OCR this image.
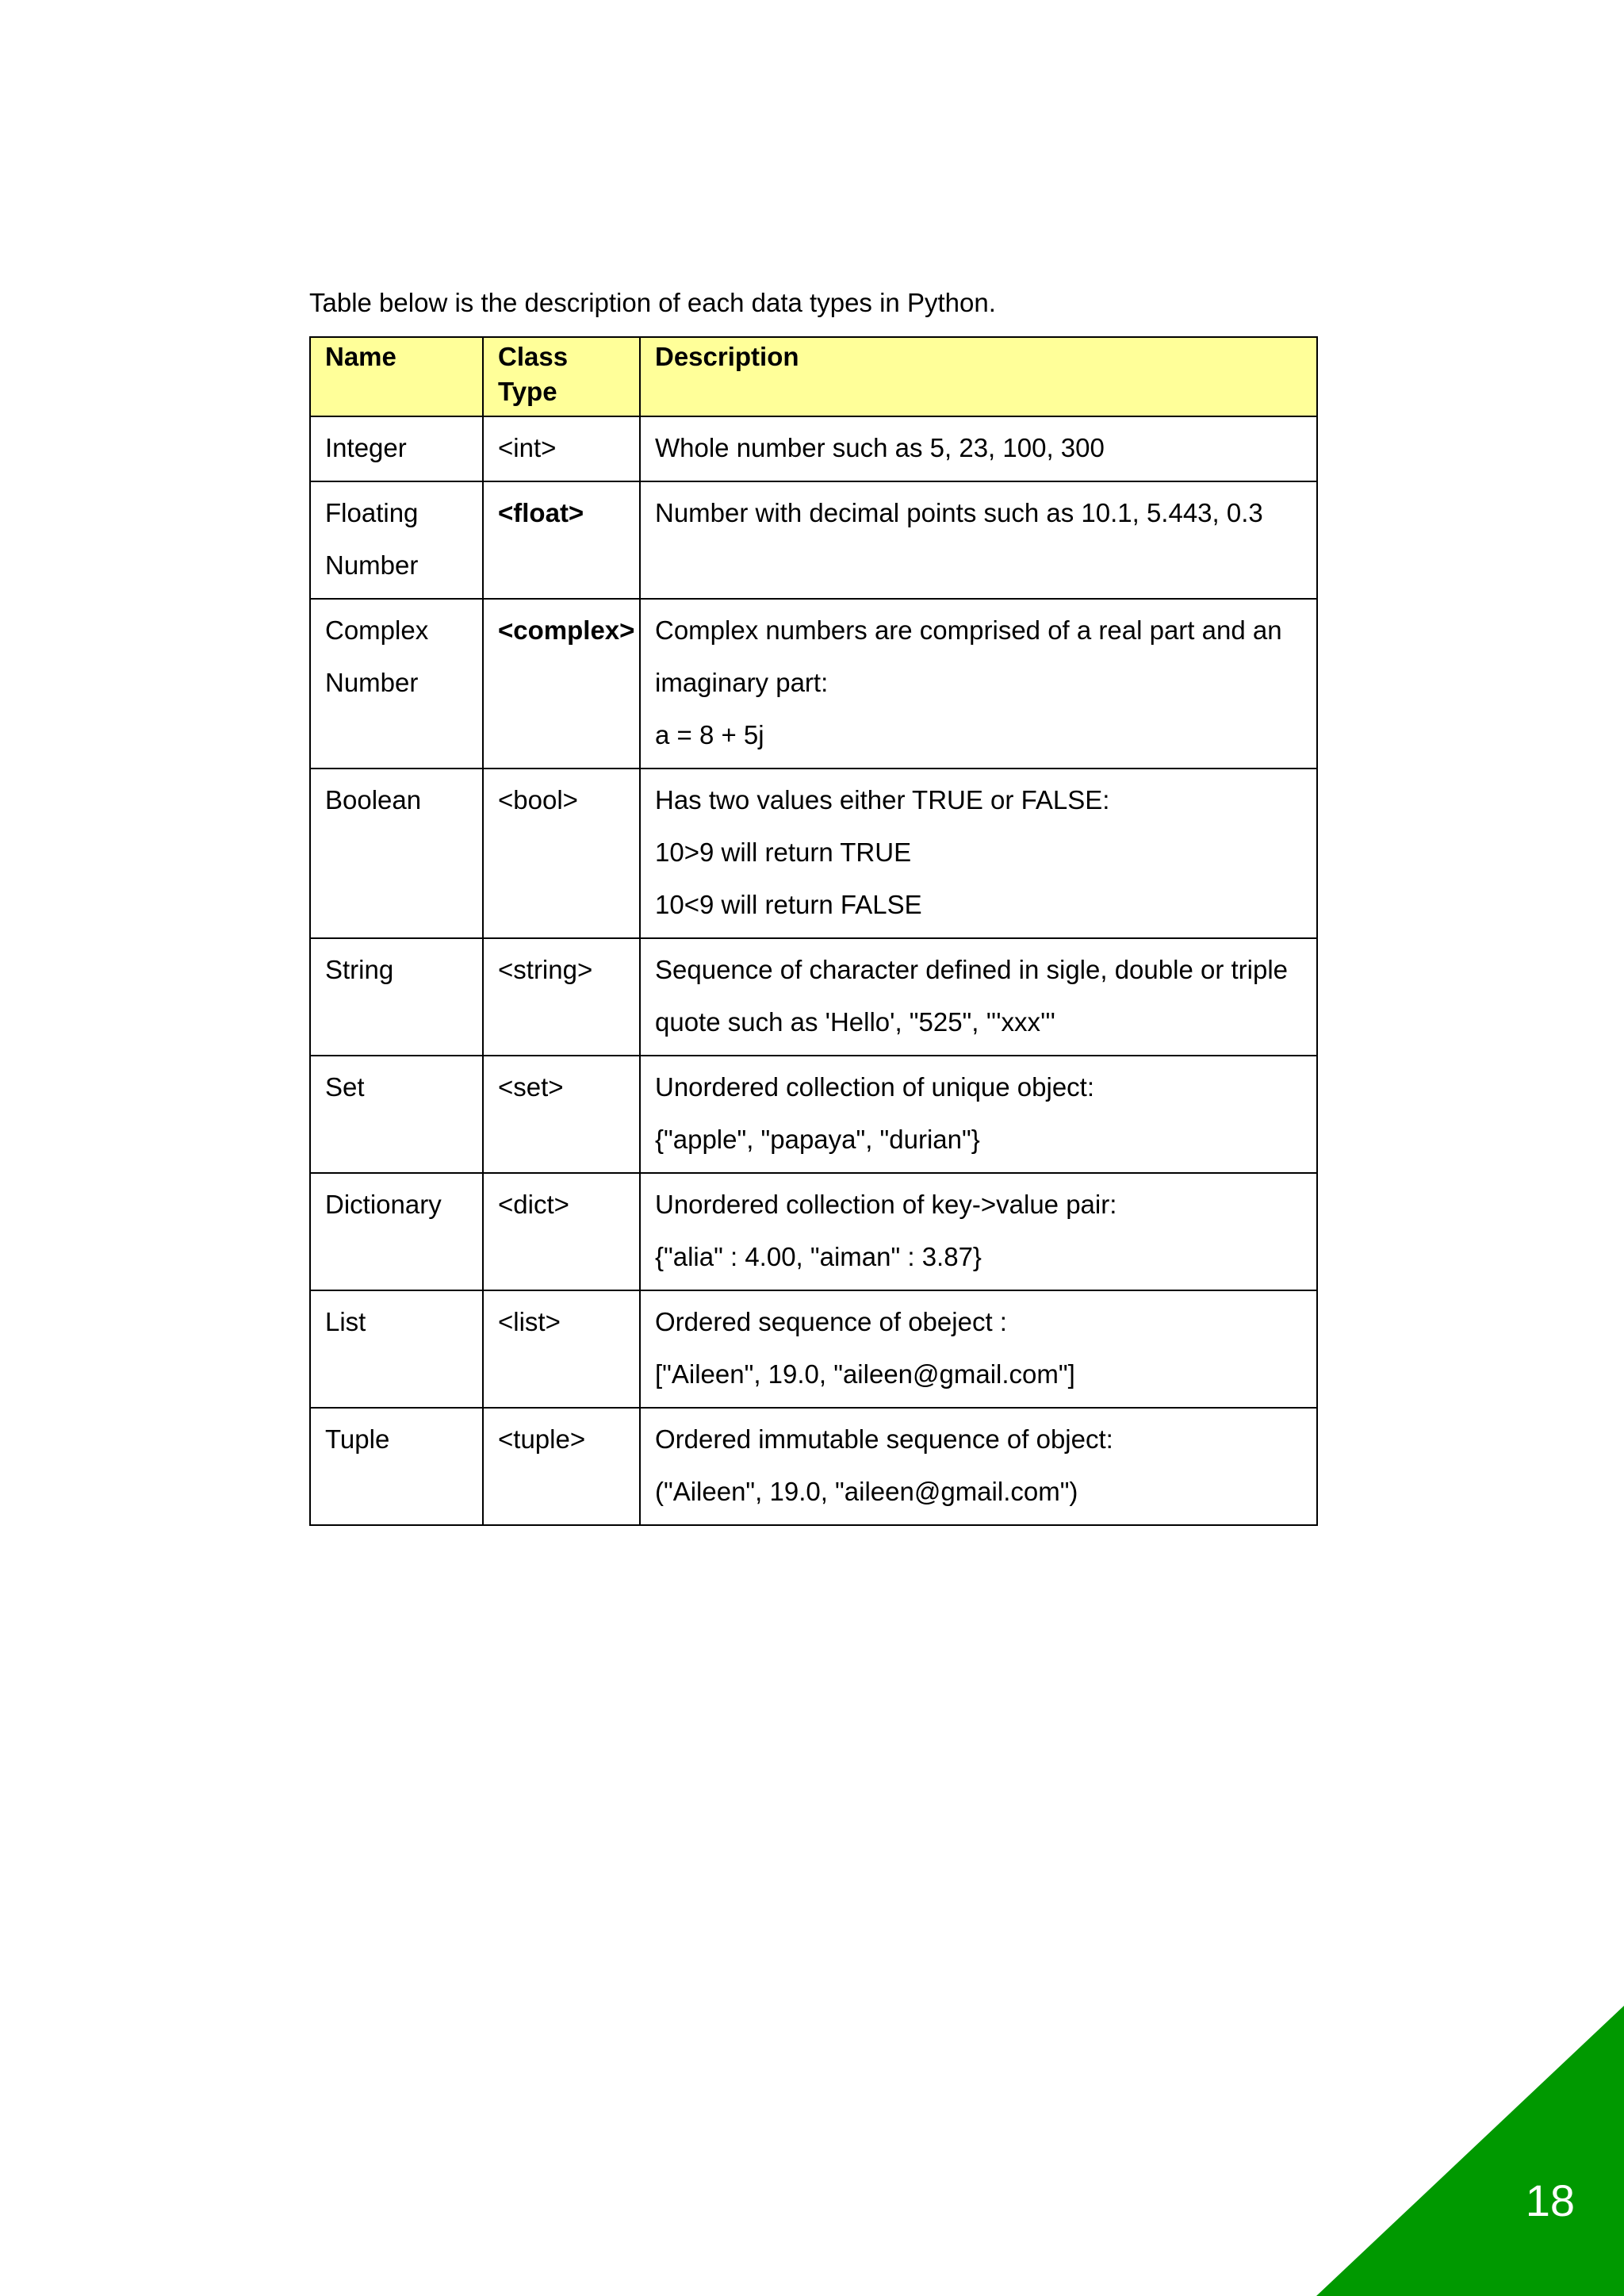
Table below is the description of each data types in Python.
Name	Class Type	Description
Integer	<int>	Whole number such as 5, 23, 100, 300

Floating Number	<float>	Number with decimal points such as 10.1, 5.443, 0.3

Complex Number	<complex>	Complex numbers are comprised of a real part and an imaginary part:
a = 8 + 5j

Boolean	<bool>	Has two values either TRUE or FALSE:
10>9 will return TRUE
10<9 will return FALSE

String	<string>	Sequence of character defined in sigle, double or triple quote such as 'Hello', "525", '''xxx'''

Set	<set>	Unordered collection of unique object:
{"apple", "papaya", "durian"}

Dictionary	<dict>	Unordered collection of key->value pair:
{"alia" : 4.00, "aiman" : 3.87}

List	<list>	Ordered sequence of obeject :
["Aileen", 19.0, "aileen@gmail.com"]

Tuple	<tuple>	Ordered immutable sequence of object:
("Aileen", 19.0, "aileen@gmail.com")
18
